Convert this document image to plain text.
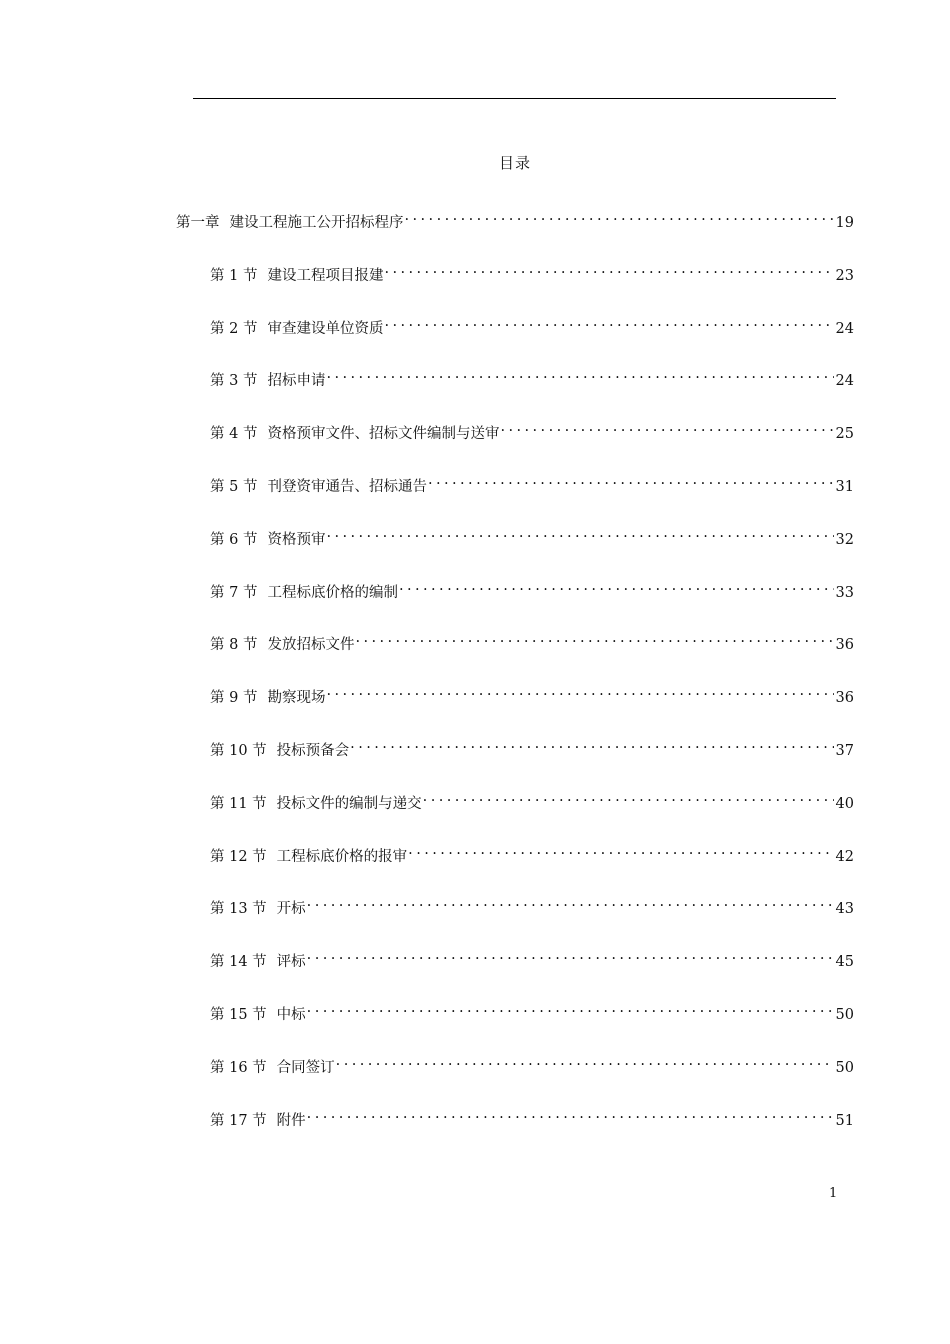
目录
第一章 建设工程施工公开招标程序 . . .	19
第 1 节 建设工程项目报建 . . .	23
第 2 节 审查建设单位资质 . . .	24
第 3 节 招标申请 . . .	24
第 4 节 资格预审文件、招标文件编制与送审 . . .	25
第 5 节 刊登资审通告、招标通告 . . .	31
第 6 节 资格预审 . . .	32
第 7 节 工程标底价格的编制 . . .	33
第 8 节 发放招标文件 . . .	36
第 9 节 勘察现场 . . .	36
第 10 节 投标预备会 . . .	37
第 11 节 投标文件的编制与递交 . . .	40
第 12 节 工程标底价格的报审 . . .	42
第 13 节 开标 . . .	43
第 14 节 评标 . . .	45
第 15 节 中标 . . .	50
第 16 节 合同签订 . . .	50
第 17 节 附件 . . .	51
1
